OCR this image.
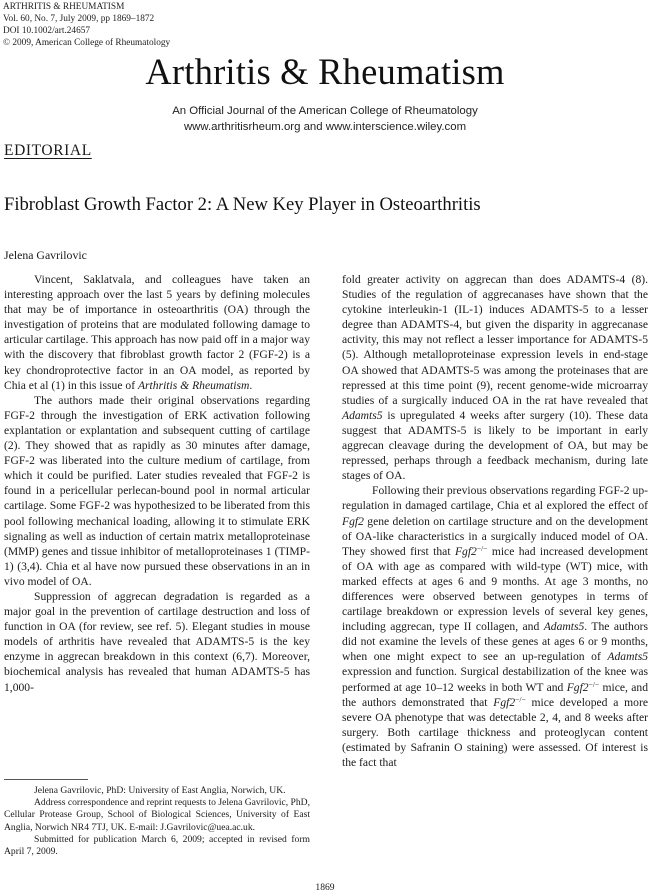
ARTHRITIS & RHEUMATISM
Vol. 60, No. 7, July 2009, pp 1869–1872
DOI 10.1002/art.24657
© 2009, American College of Rheumatology
Arthritis & Rheumatism
An Official Journal of the American College of Rheumatology
www.arthritisrheum.org and www.interscience.wiley.com
EDITORIAL
Fibroblast Growth Factor 2: A New Key Player in Osteoarthritis
Jelena Gavrilovic

Vincent, Saklatvala, and colleagues have taken an interesting approach over the last 5 years by defining molecules that may be of importance in osteoarthritis (OA) through the investigation of proteins that are modulated following damage to articular cartilage. This approach has now paid off in a major way with the discovery that fibroblast growth factor 2 (FGF-2) is a key chondroprotective factor in an OA model, as reported by Chia et al (1) in this issue of Arthritis & Rheumatism.

The authors made their original observations regarding FGF-2 through the investigation of ERK activation following explantation or explantation and subsequent cutting of cartilage (2). They showed that as rapidly as 30 minutes after damage, FGF-2 was liberated into the culture medium of cartilage, from which it could be purified. Later studies revealed that FGF-2 is found in a pericellular perlecan-bound pool in normal articular cartilage. Some FGF-2 was hypothesized to be liberated from this pool following mechanical loading, allowing it to stimulate ERK signaling as well as induction of certain matrix metalloproteinase (MMP) genes and tissue inhibitor of metalloproteinases 1 (TIMP-1) (3,4). Chia et al have now pursued these observations in an in vivo model of OA.

Suppression of aggrecan degradation is regarded as a major goal in the prevention of cartilage destruction and loss of function in OA (for review, see ref. 5). Elegant studies in mouse models of arthritis have revealed that ADAMTS-5 is the key enzyme in aggrecan breakdown in this context (6,7). Moreover, biochemical analysis has revealed that human ADAMTS-5 has 1,000-

fold greater activity on aggrecan than does ADAMTS-4 (8). Studies of the regulation of aggrecanases have shown that the cytokine interleukin-1 (IL-1) induces ADAMTS-5 to a lesser degree than ADAMTS-4, but given the disparity in aggrecanase activity, this may not reflect a lesser importance for ADAMTS-5 (5). Although metalloproteinase expression levels in end-stage OA showed that ADAMTS-5 was among the proteinases that are repressed at this time point (9), recent genome-wide microarray studies of a surgically induced OA in the rat have revealed that Adamts5 is upregulated 4 weeks after surgery (10). These data suggest that ADAMTS-5 is likely to be important in early aggrecan cleavage during the development of OA, but may be repressed, perhaps through a feedback mechanism, during late stages of OA.

Following their previous observations regarding FGF-2 up-regulation in damaged cartilage, Chia et al explored the effect of Fgf2 gene deletion on cartilage structure and on the development of OA-like characteristics in a surgically induced model of OA. They showed first that Fgf2−/− mice had increased development of OA with age as compared with wild-type (WT) mice, with marked effects at ages 6 and 9 months. At age 3 months, no differences were observed between genotypes in terms of cartilage breakdown or expression levels of several key genes, including aggrecan, type II collagen, and Adamts5. The authors did not examine the levels of these genes at ages 6 or 9 months, when one might expect to see an up-regulation of Adamts5 expression and function. Surgical destabilization of the knee was performed at age 10–12 weeks in both WT and Fgf2−/− mice, and the authors demonstrated that Fgf2−/− mice developed a more severe OA phenotype that was detectable 2, 4, and 8 weeks after surgery. Both cartilage thickness and proteoglycan content (estimated by Safranin O staining) were assessed. Of interest is the fact that

Jelena Gavrilovic, PhD: University of East Anglia, Norwich, UK.

Address correspondence and reprint requests to Jelena Gavrilovic, PhD, Cellular Protease Group, School of Biological Sciences, University of East Anglia, Norwich NR4 7TJ, UK. E-mail: J.Gavrilovic@uea.ac.uk.

Submitted for publication March 6, 2009; accepted in revised form April 7, 2009.

1869
